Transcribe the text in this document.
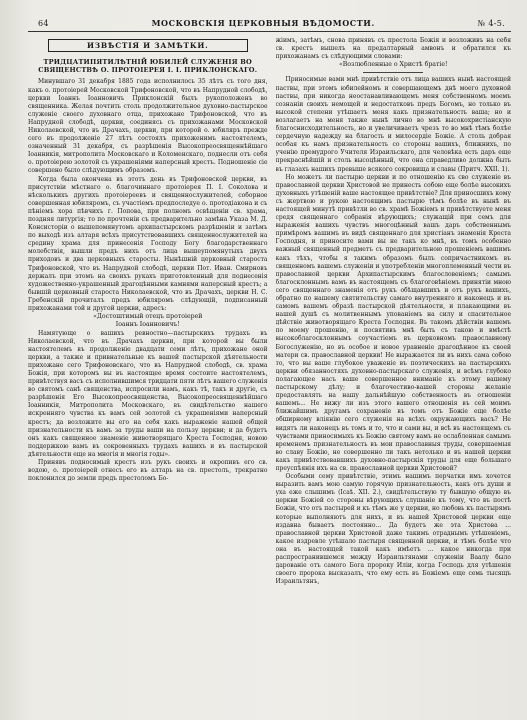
64	МОСКОВСКІЯ ЦЕРКОВНЫЯ ВѢДОМОСТИ.	№ 4-5.
ИЗВѢСТІЯ И ЗАМѢТКИ.
ТРИДЦАТИПЯТИЛѢТНІЙ ЮБИЛЕЙ СЛУЖЕНІЯ ВО СВЯЩЕНСТВѢ О. ПРОТОІЕРЕЯ І. І. ПРИКЛОНСКАГО.

Минувшаго 31 декабря 1885 года исполнилось 35 лѣтъ съ того дня, какъ о. протоіерей Московской Трифоновской, что въ Напрудной слободѣ, церкви Іоаннъ Іоанновичъ Приклонскій былъ рукоположенъ во священника. Желая почтить столь продолжительное духовно-пастырское служеніе своего духовнаго отца, прихожане Трифоновской, что въ Напрудной слободѣ, церкви, соединясь съ прихожанами Московской Николаевской, что въ Драчахъ, церкви, при которой о. юбиляръ прежде сего въ продолженіе 27 лѣтъ состоялъ прихоженимъ настоятелемъ, означенный 31 декабря, съ разрѣшенія Высокопреосвященнѣйшаго Іоанникія, митрополита Московскаго и Коломенскаго, поднесли отъ себя о. протоіерею золотой съ украшеніями наперсный крестъ. Подношеніе сіе совершено было слѣдующимъ образомъ.

Когда была окончена въ этотъ день въ Трифоновской церкви, въ присутствіи мѣстнаго о. благочиннаго протоіерея П. І. Соколова и нѣсколькихъ другихъ протоіереевъ и священнослужителей, соборное совершенная юбиляромъ, съ участіемъ предпоследуе о. протодіакона и съ пѣніемъ хора пѣвчихъ г. Попова, при полномъ освѣщеніи св. храма, поздняя литургія; то по прочтеніи съ предварительно замѣна Указа М. Д. Консисторіи о вышепомянутомъ архипастырскомъ разрѣшеніи и затѣмъ по выходѣ изъ алтаря всѣхъ присутствовавшихъ священнослужителей на средину храма для принесенія Господу Богу благодарственнаго молебствія, вышли предъ нихъ отъ лица вышеупомянутыхъ двухъ приходовъ и два церковныхъ старосты. Нынѣшній церковный староста Трифоновской, что въ Напрудной слободѣ, церкви Пот. Иван. Смирновъ держалъ при этомъ на своихъ рукахъ приготовленный для поднесенія художественно-украшенный драгоцѣнными камнями наперсный крестъ; а бывшій церковный староста Николаевской, что въ Драчахъ, церкви Н. С. Гребенскій прочиталъ предъ юбиляромъ слѣдующій, подписанный прихожанами той и другой церкви, адресъ:

«Достоштимый отецъ протоіерей

Іоаннъ Іоанновичъ!

Намятующе о вашихъ ревностно—пастырскихъ трудахъ въ Николаевской, что въ Драчахъ церкви, при которой вы были настоятелемъ въ продолженіе двадцати семи лѣтъ, прихожане оной церкви, а также и привнательные къ вашей пастырской дѣятельности прихожане сего Трифоновскаго, что въ Напрудной слободѣ, св. храма Божія, при которомъ вы въ настоящее время состоите настоятелемъ, привѣтствуя васъ съ исполнившимся тридцати пяти лѣтъ вашего служенія во святомъ санѣ священства, испросили намъ, какъ тѣ, такъ и другіе, съ разрѣшенія Его Высокопреосвященства, Высокопреосвященнѣйшаго Іоанникія, Митрополита Московскаго, въ свидѣтельство нашего искренняго чувства къ вамъ сей золотой съ украшеніями наперсный крестъ; да возложите вы его на себя какъ выраженіе нашей общей признательности къ вамъ за труды ваши на пользу церкви; и да будетъ онъ какъ священное знаменіе животворящаго Креста Господня, новою поддержкою вамъ въ сокровенныхъ трудахъ вашихъ и въ пастырской дѣятельности еще на многія и многія годы».

Принявъ подносимый крестъ изъ рукъ своихъ и окропивъ его св. водою, о. протоіерей отнесъ его въ алтарь на св. престолъ, трекратно поклонился до земли предъ престоломъ Бо-

жіимъ, затѣмъ, снова принявъ съ престола Божія и возложивъ на себя св. крестъ вышелъ на предалтарный амвонъ и обратился къ прихожанамъ съ слѣдующими словами:

«Возлюбленные о Христѣ братіе!

Приносимые вами мнѣ привѣтствіе отъ лица вашихъ нынѣ настоящей паствы, при этомъ юбилейномъ и совершающемъ днѣ моего духовной паствы, при никогда неостанавливающемъ меня собственномъ моемъ сознаніи своихъ немощей и недостатковъ предъ Богомъ, но только въ высокой степени утѣшаетъ меня какъ признательность ваша; но и возлагаетъ на меня также нынѣ лично во мнѣ высокохристіанскую благоснисходительность, но и увеличиваетъ чрезъ то во мнѣ тѣмъ болѣе сердечную надежду на благость и милосердіе Божіе. А столь добрая особая къ намъ признательность со стороны вашихъ, ближнихъ, по ученію премудрого Учителя Израильскаго, для человѣка есть даръ еще прекраснѣйшій и столь высоцѣнный, что она справедливо должна быть въ глазахъ нашихъ превыше всякого сокровища и славы (Притч. XXII. 1).

Но можетъ ли пастырю церкви и по отношенію къ сво служеніе въ православной церкви Христовой не принесть собою еще болѣе высокихъ духовныхъ утѣшеній ваше настоящее привѣтствіе? Для приносшихъ кому съ жертвою и рукою настоящимъ пастырю тѣмъ болѣе въ нынѣ въ настоящей минутѣ привѣтли во св. храмѣ Божіемъ и привѣтствуете меня средя священнаго собранія вѣрующихъ; служащій при семъ для выраженія вашихъ чувствъ многоцѣнный вашъ даръ собственнымъ примѣромъ вашимъ въ видѣ священнаго для христіанъ знаменія Креста Господня, и приносите вами вы не такъ ко мнѣ, въ томъ особенно важный священный предметъ съ предварительною прошеніемъ вашимъ какъ тѣхъ, чтобы я такимъ образомъ былъ сопричастникомъ въ священномъ вашемъ служеніи и употребленіи многоплеменный чести въ православной церкви Архипастырскимъ благословеніемъ; самымъ благосклоннымъ вамъ въ настоящемъ съ благоговѣніемъ принятіи мною сего священнаго знаменія отъ рукъ обѣщавшихъ и отъ рукъ вашихъ, обратно по нашему святительству самаго внутренняго и наконецъ и въ самомъ вашемъ образѣ пастырской дѣятельности, и плакающими въ нашей душѣ съ молитвеннымъ упованіемъ на силу и спасительное дѣйствіе животворящаго Креста Господня. Въ такомъ дѣйствіи вашемъ по моему прошенію, и посвятивъ мнѣ быть съ такою и вмѣстѣ высокоблагосклоннымъ соучастіемъ въ церковномъ православному Богослуженію, но въ особое и новое уравненіе драгоцѣнное къ своей матери св. православной церкви! Не выражается ли въ нихъ сама собою то, что вы ваше глубокое уваженіе въ поэтическихъ на пастырскихъ церкви обязанностяхъ духовно-пастырскаго служенія, и всѣмъ глубоко полагающее насъ ваше совершенное вниманіе къ этому вашему пастырскому дѣлу; и благочестиво-вашей стороны желаніе предоставлять на нашу дальнѣйшую собственность въ отношеніи вашемъ... Не вижу ли изъ этого вашего отношенія въ сей моимъ ближайшимъ другамъ сохраненіе въ томъ отъ Божіе еще болѣе обширному вліянію сего служенія на всѣхъ окружающихъ васъ? Не видятъ ли наконецъ въ томъ и то, что и сами вы, и всѣ въ настоящемъ съ чувствами приносимыхъ къ Божію святому вамъ не ослабленная самымъ временемъ признательность въ мои православныя труды, совершаемыя во славу Божію, не совершенно ли такъ нетолько и въ нашей церкви какъ привѣтствовавшихъ духовно-пастырскія труды для еще большаго преуспѣянія ихъ на св. православной церкви Христовой?

Особыми сему привѣтствіе, этимъ нашимъ перчатки имъ хочется выразить вамъ мою самую горячую признательность, какъ отъ души и уха еже слышимъ (Ісаѣ. XII. 2.), свидѣтельствую ту бывшую общую въ церкви Божіей со стороны вѣрующихъ слушаніе къ тому, что въ постѣ Божіи, что отъ пастырей и къ тѣмъ же у церкви, но любовь къ пастырямъ которые выполняютъ для нихъ, и въ нашей Христовой церкви еще издавна бываетъ постоянно... Да будетъ же эта Христова ... православной церкви Христовой даже такимъ отраднымъ утѣшеніемъ, какое издревле утѣшало пастыря священной церкви, и тѣмъ болѣе что она въ настоящей такой какъ имѣетъ ... какое никогда при распространившемся между Израильтянами служеніи Ваалу было дарованіе отъ самого Бога пророку Иліи, когда Господь для утѣшенія своего пророка высказалъ, что ему есть въ Божіемъ еще семь тысящъ Израильтянъ,
